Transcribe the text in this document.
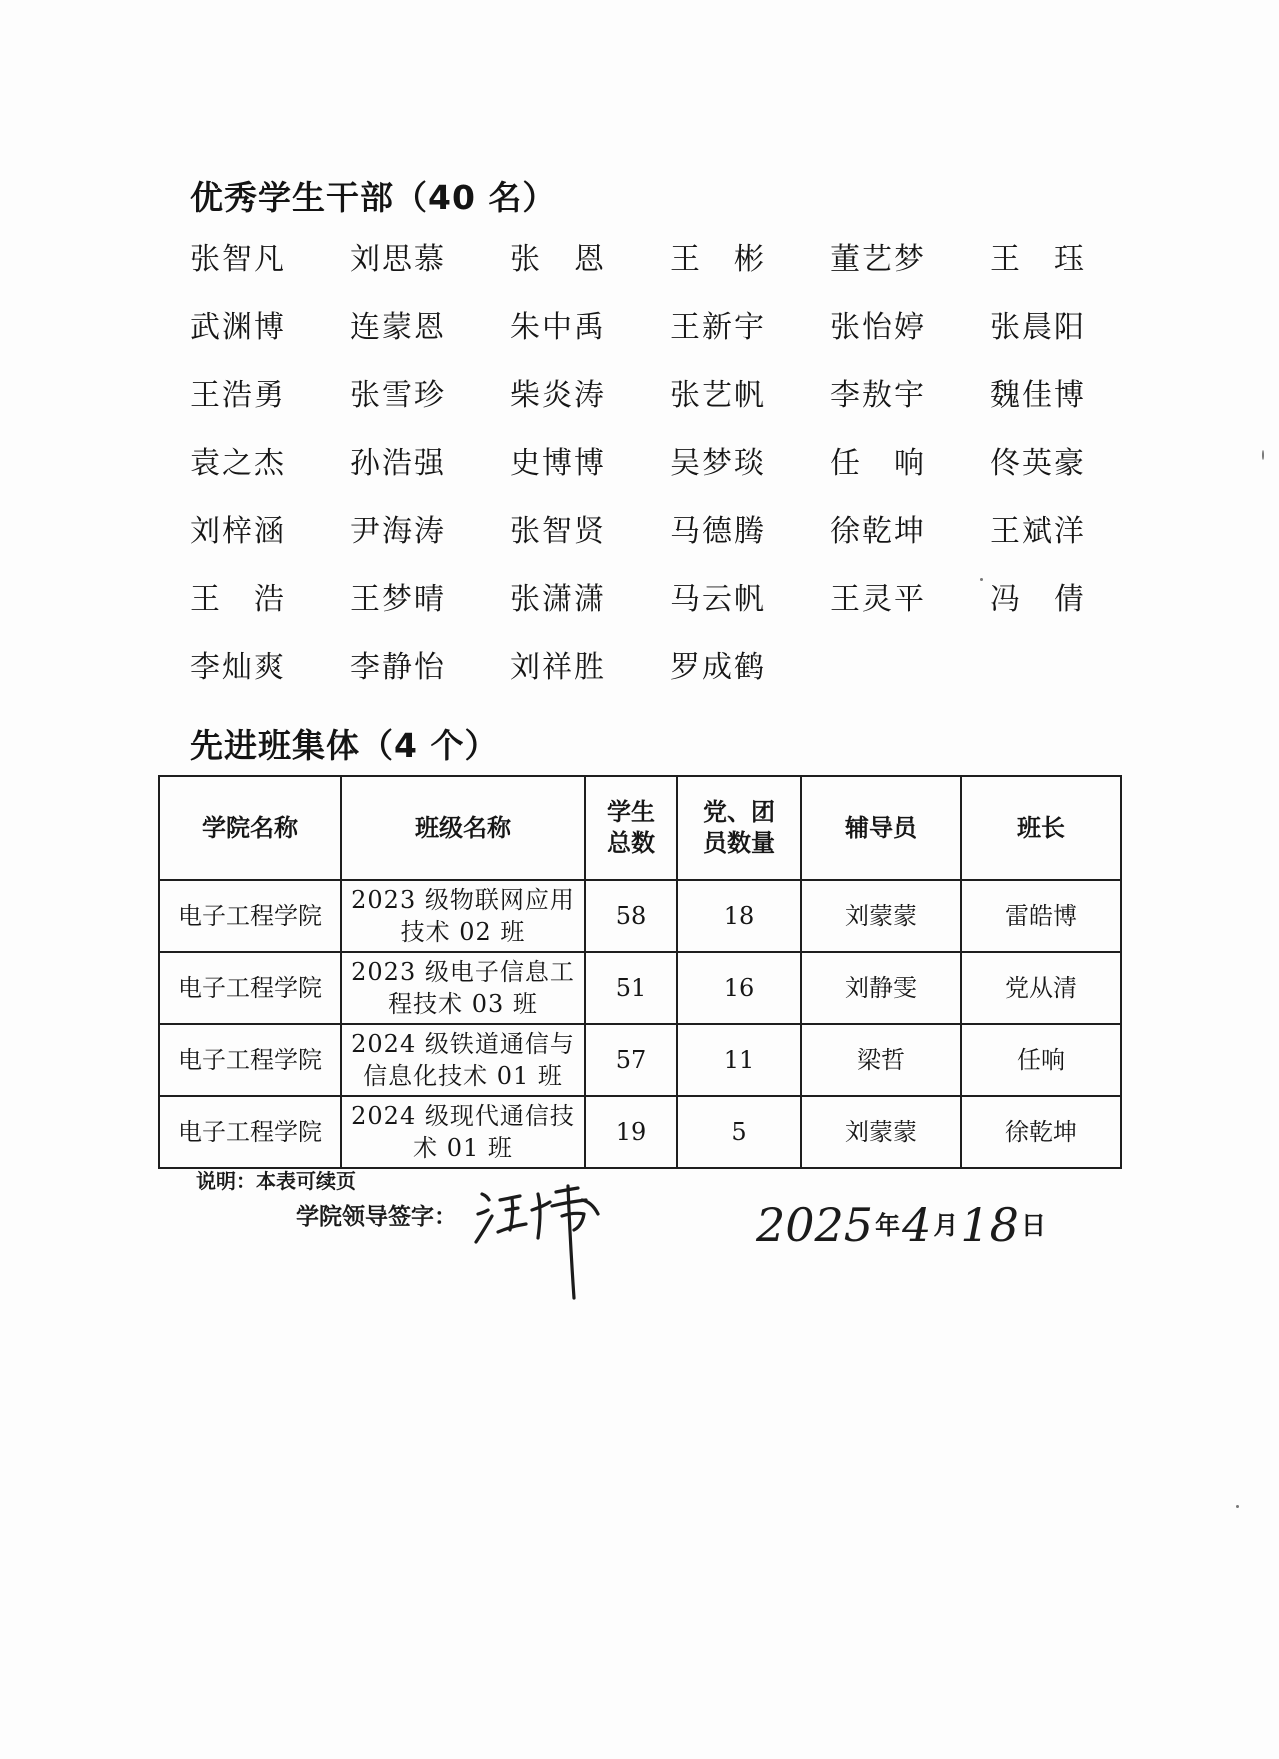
优秀学生干部（40 名）
张智凡	刘思慕	张　恩	王　彬	董艺梦	王　珏
武渊博	连蒙恩	朱中禹	王新宇	张怡婷	张晨阳
王浩勇	张雪珍	柴炎涛	张艺帆	李敖宇	魏佳博
袁之杰	孙浩强	史博博	吴梦琰	任　响	佟英豪
刘梓涵	尹海涛	张智贤	马德腾	徐乾坤	王斌洋
王　浩	王梦晴	张潇潇	马云帆	王灵平	冯　倩
李灿爽	李静怡	刘祥胜	罗成鹤
先进班集体（4 个）
学院名称	班级名称	学生总数	党、团员数量	辅导员	班长
电子工程学院	2023 级物联网应用技术 02 班	58	18	刘蒙蒙	雷皓博
电子工程学院	2023 级电子信息工程技术 03 班	51	16	刘静雯	党从清
电子工程学院	2024 级铁道通信与信息化技术 01 班	57	11	梁哲	任响
电子工程学院	2024 级现代通信技术 01 班	19	5	刘蒙蒙	徐乾坤
说明：本表可续页
学院领导签字：	2025 年 4 月 18 日
